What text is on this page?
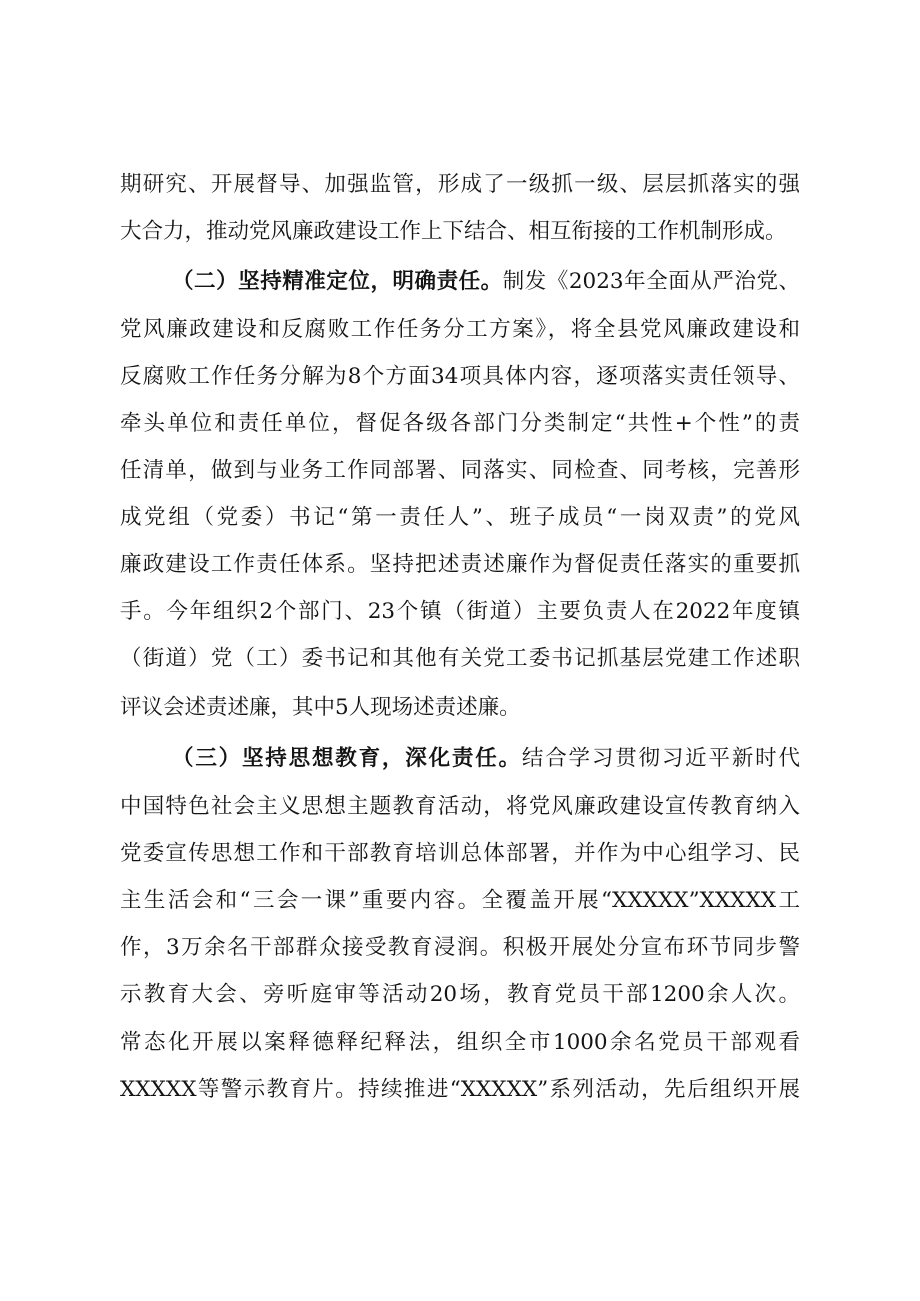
期研究、开展督导、加强监管，形成了一级抓一级、层层抓落实的强
大合力，推动党风廉政建设工作上下结合、相互衔接的工作机制形成。
（二）坚持精准定位，明确责任。制发《2023年全面从严治党、
党风廉政建设和反腐败工作任务分工方案》，将全县党风廉政建设和
反腐败工作任务分解为8个方面34项具体内容，逐项落实责任领导、
牵头单位和责任单位，督促各级各部门分类制定“共性+个性”的责
任清单，做到与业务工作同部署、同落实、同检查、同考核，完善形
成党组（党委）书记“第一责任人”、班子成员“一岗双责”的党风
廉政建设工作责任体系。坚持把述责述廉作为督促责任落实的重要抓
手。今年组织2个部门、23个镇（街道）主要负责人在2022年度镇
（街道）党（工）委书记和其他有关党工委书记抓基层党建工作述职
评议会述责述廉，其中5人现场述责述廉。
（三）坚持思想教育，深化责任。结合学习贯彻习近平新时代
中国特色社会主义思想主题教育活动，将党风廉政建设宣传教育纳入
党委宣传思想工作和干部教育培训总体部署，并作为中心组学习、民
主生活会和“三会一课”重要内容。全覆盖开展“XXXXX”XXXXX工
作，3万余名干部群众接受教育浸润。积极开展处分宣布环节同步警
示教育大会、旁听庭审等活动20场，教育党员干部1200余人次。
常态化开展以案释德释纪释法，组织全市1000余名党员干部观看
XXXXX等警示教育片。持续推进“XXXXX”系列活动，先后组织开展
